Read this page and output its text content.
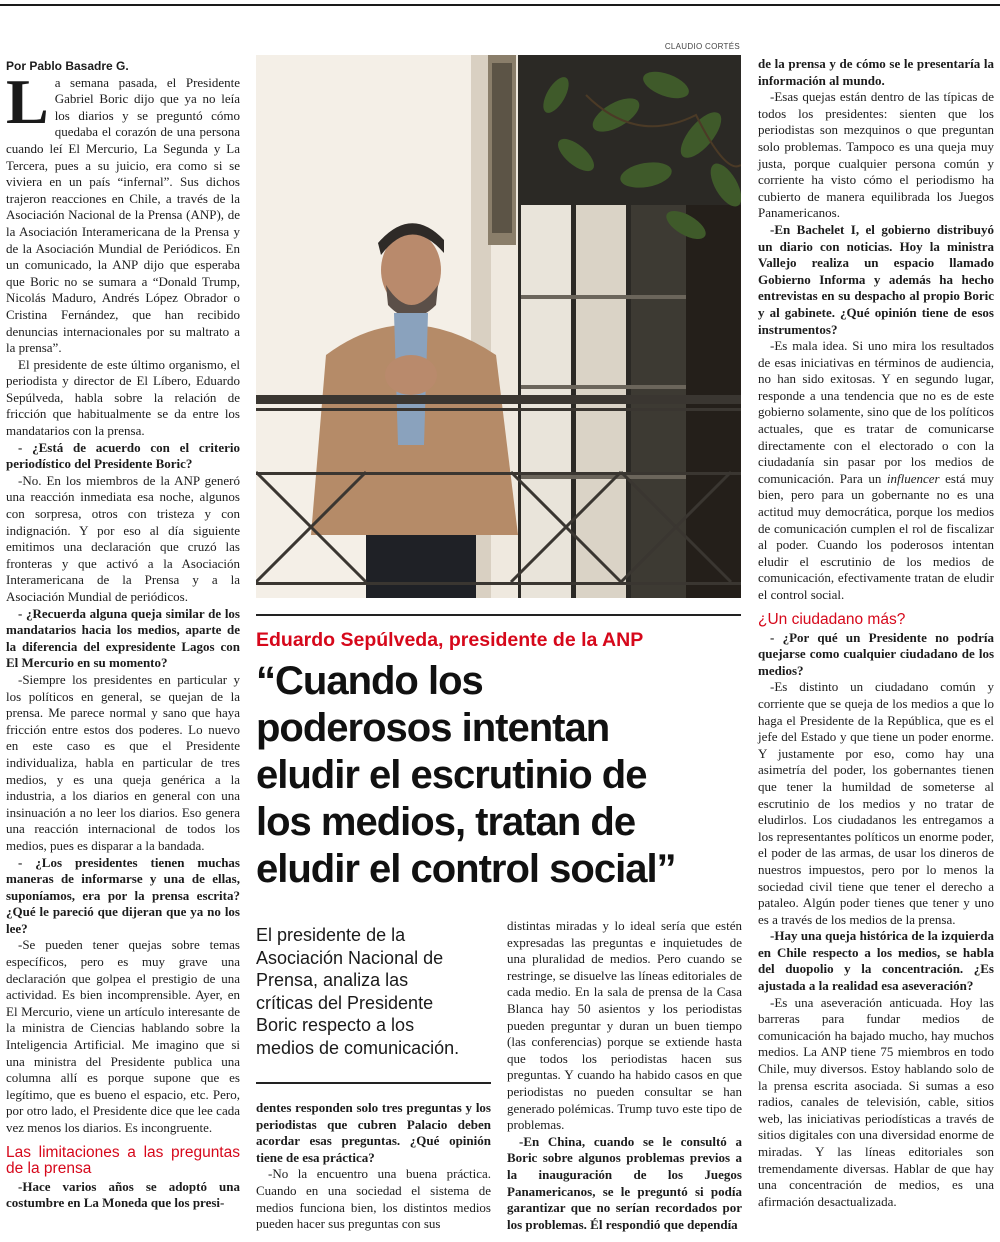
Por Pablo Basadre G.

La semana pasada, el Presidente Gabriel Boric dijo que ya no leía los diarios y se preguntó cómo quedaba el corazón de una persona cuando leí El Mercurio, La Segunda y La Tercera, pues a su juicio, era como si se viviera en un país “infernal”. Sus dichos trajeron reacciones en Chile, a través de la Asociación Nacional de la Prensa (ANP), de la Asociación Interamericana de la Prensa y de la Asociación Mundial de Periódicos. En un comunicado, la ANP dijo que esperaba que Boric no se sumara a “Donald Trump, Nicolás Maduro, Andrés López Obrador o Cristina Fernández, que han recibido denuncias internacionales por su maltrato a la prensa”.

El presidente de este último organismo, el periodista y director de El Líbero, Eduardo Sepúlveda, habla sobre la relación de fricción que habitualmente se da entre los mandatarios con la prensa.

- ¿Está de acuerdo con el criterio periodístico del Presidente Boric?

-No. En los miembros de la ANP generó una reacción inmediata esa noche, algunos con sorpresa, otros con tristeza y con indignación. Y por eso al día siguiente emitimos una declaración que cruzó las fronteras y que activó a la Asociación Interamericana de la Prensa y a la Asociación Mundial de periódicos.

- ¿Recuerda alguna queja similar de los mandatarios hacia los medios, aparte de la diferencia del expresidente Lagos con El Mercurio en su momento?

-Siempre los presidentes en particular y los políticos en general, se quejan de la prensa. Me parece normal y sano que haya fricción entre estos dos poderes. Lo nuevo en este caso es que el Presidente individualiza, habla en particular de tres medios, y es una queja genérica a la industria, a los diarios en general con una insinuación a no leer los diarios. Eso genera una reacción internacional de todos los medios, pues es disparar a la bandada.

- ¿Los presidentes tienen muchas maneras de informarse y una de ellas, suponíamos, era por la prensa escrita? ¿Qué le pareció que dijeran que ya no los lee?

-Se pueden tener quejas sobre temas específicos, pero es muy grave una declaración que golpea el prestigio de una actividad. Es bien incomprensible. Ayer, en El Mercurio, viene un artículo interesante de la ministra de Ciencias hablando sobre la Inteligencia Artificial. Me imagino que si una ministra del Presidente publica una columna allí es porque supone que es legítimo, que es bueno el espacio, etc. Pero, por otro lado, el Presidente dice que lee cada vez menos los diarios. Es incongruente.

Las limitaciones a las preguntas de la prensa

-Hace varios años se adoptó una costumbre en La Moneda que los presi-

CLAUDIO CORTÉS
Eduardo Sepúlveda, presidente de la ANP
“Cuando los
poderosos intentan
eludir el escrutinio de
los medios, tratan de
eludir el control social”
El presidente de la
Asociación Nacional de
Prensa, analiza las
críticas del Presidente
Boric respecto a los
medios de comunicación.

dentes responden solo tres preguntas y los periodistas que cubren Palacio deben acordar esas preguntas. ¿Qué opinión tiene de esa práctica?

-No la encuentro una buena práctica. Cuando en una sociedad el sistema de medios funciona bien, los distintos medios pueden hacer sus preguntas con sus

distintas miradas y lo ideal sería que estén expresadas las preguntas e inquietudes de una pluralidad de medios. Pero cuando se restringe, se disuelve las líneas editoriales de cada medio. En la sala de prensa de la Casa Blanca hay 50 asientos y los periodistas pueden preguntar y duran un buen tiempo (las conferencias) porque se extiende hasta que todos los periodistas hacen sus preguntas. Y cuando ha habido casos en que periodistas no pueden consultar se han generado polémicas. Trump tuvo este tipo de problemas.

-En China, cuando se le consultó a Boric sobre algunos problemas previos a la inauguración de los Juegos Panamericanos, se le preguntó si podía garantizar que no serían recordados por los problemas. Él respondió que dependía

de la prensa y de cómo se le presentaría la información al mundo.

-Esas quejas están dentro de las típicas de todos los presidentes: sienten que los periodistas son mezquinos o que preguntan solo problemas. Tampoco es una queja muy justa, porque cualquier persona común y corriente ha visto cómo el periodismo ha cubierto de manera equilibrada los Juegos Panamericanos.

-En Bachelet I, el gobierno distribuyó un diario con noticias. Hoy la ministra Vallejo realiza un espacio llamado Gobierno Informa y además ha hecho entrevistas en su despacho al propio Boric y al gabinete. ¿Qué opinión tiene de esos instrumentos?

-Es mala idea. Si uno mira los resultados de esas iniciativas en términos de audiencia, no han sido exitosas. Y en segundo lugar, responde a una tendencia que no es de este gobierno solamente, sino que de los políticos actuales, que es tratar de comunicarse directamente con el electorado o con la ciudadanía sin pasar por los medios de comunicación. Para un influencer está muy bien, pero para un gobernante no es una actitud muy democrática, porque los medios de comunicación cumplen el rol de fiscalizar al poder. Cuando los poderosos intentan eludir el escrutinio de los medios de comunicación, efectivamente tratan de eludir el control social.

¿Un ciudadano más?

- ¿Por qué un Presidente no podría quejarse como cualquier ciudadano de los medios?

-Es distinto un ciudadano común y corriente que se queja de los medios a que lo haga el Presidente de la República, que es el jefe del Estado y que tiene un poder enorme. Y justamente por eso, como hay una asimetría del poder, los gobernantes tienen que tener la humildad de someterse al escrutinio de los medios y no tratar de eludirlos. Los ciudadanos les entregamos a los representantes políticos un enorme poder, el poder de las armas, de usar los dineros de nuestros impuestos, pero por lo menos la sociedad civil tiene que tener el derecho a pataleo. Algún poder tienes que tener y uno es a través de los medios de la prensa.

-Hay una queja histórica de la izquierda en Chile respecto a los medios, se habla del duopolio y la concentración. ¿Es ajustada a la realidad esa aseveración?

-Es una aseveración anticuada. Hoy las barreras para fundar medios de comunicación ha bajado mucho, hay muchos medios. La ANP tiene 75 miembros en todo Chile, muy diversos. Estoy hablando solo de la prensa escrita asociada. Si sumas a eso radios, canales de televisión, cable, sitios web, las iniciativas periodísticas a través de sitios digitales con una diversidad enorme de miradas. Y las líneas editoriales son tremendamente diversas. Hablar de que hay una concentración de medios, es una afirmación desactualizada.
